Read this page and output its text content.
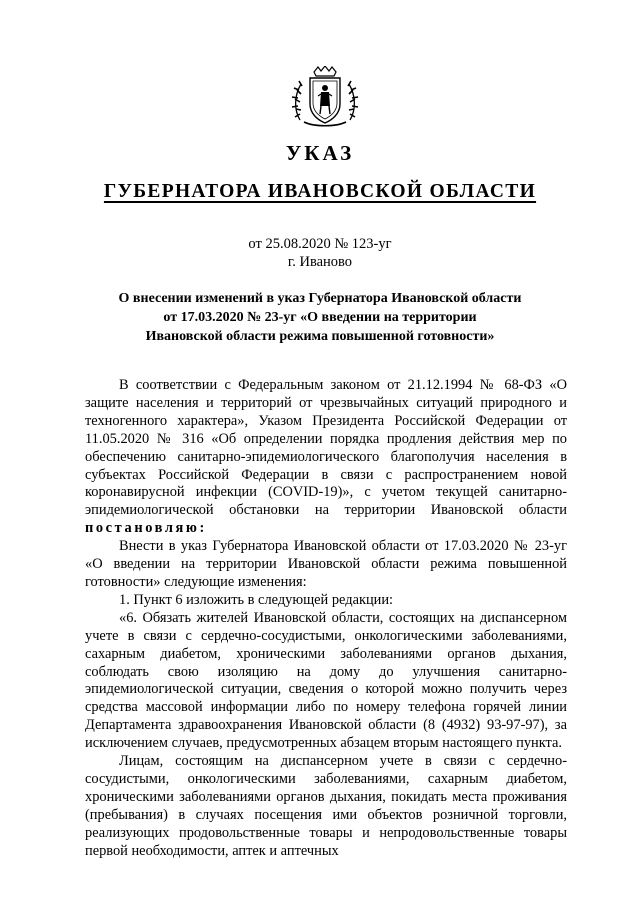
УКАЗ
ГУБЕРНАТОРА ИВАНОВСКОЙ ОБЛАСТИ
от 25.08.2020 № 123-уг
г. Иваново
О внесении изменений в указ Губернатора Ивановской области
от 17.03.2020 № 23-уг «О введении на территории
Ивановской области режима повышенной готовности»

В соответствии с Федеральным законом от 21.12.1994 № 68-ФЗ «О защите населения и территорий от чрезвычайных ситуаций природного и техногенного характера», Указом Президента Российской Федерации от 11.05.2020 № 316 «Об определении порядка продления действия мер по обеспечению санитарно-эпидемиологического благополучия населения в субъектах Российской Федерации в связи с распространением новой коронавирусной инфекции (COVID-19)», с учетом текущей санитарно-эпидемиологической обстановки на территории Ивановской области постановляю:

Внести в указ Губернатора Ивановской области от 17.03.2020 № 23-уг «О введении на территории Ивановской области режима повышенной готовности» следующие изменения:

1. Пункт 6 изложить в следующей редакции:

«6. Обязать жителей Ивановской области, состоящих на диспансерном учете в связи с сердечно-сосудистыми, онкологическими заболеваниями, сахарным диабетом, хроническими заболеваниями органов дыхания, соблюдать свою изоляцию на дому до улучшения санитарно-эпидемиологической ситуации, сведения о которой можно получить через средства массовой информации либо по номеру телефона горячей линии Департамента здравоохранения Ивановской области (8 (4932) 93-97-97), за исключением случаев, предусмотренных абзацем вторым настоящего пункта.

Лицам, состоящим на диспансерном учете в связи с сердечно-сосудистыми, онкологическими заболеваниями, сахарным диабетом, хроническими заболеваниями органов дыхания, покидать места проживания (пребывания) в случаях посещения ими объектов розничной торговли, реализующих продовольственные товары и непродовольственные товары первой необходимости, аптек и аптечных
